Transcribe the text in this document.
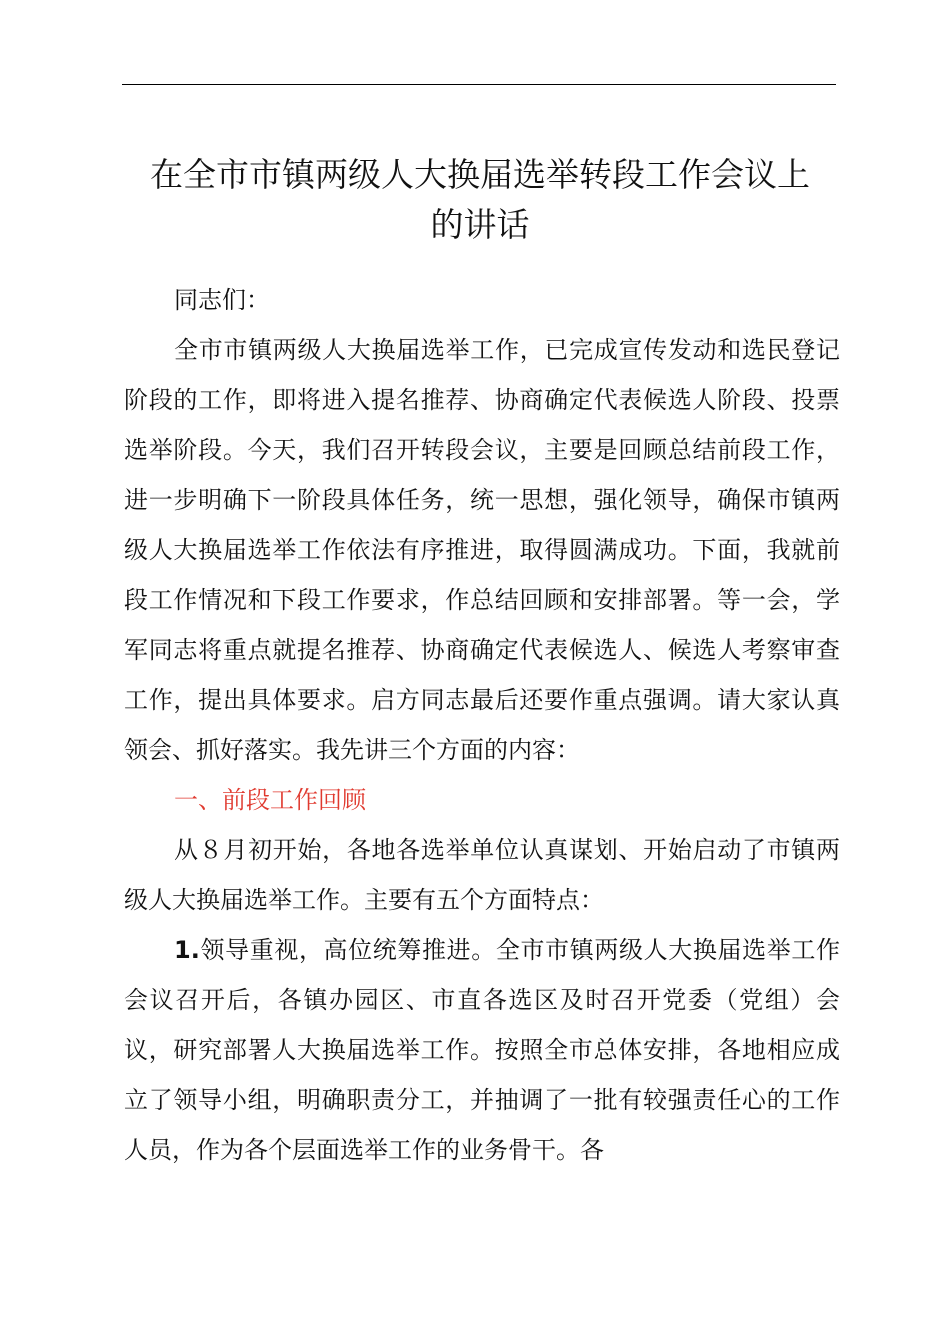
在全市市镇两级人大换届选举转段工作会议上
的讲话

同志们：

全市市镇两级人大换届选举工作，已完成宣传发动和选民登记阶段的工作，即将进入提名推荐、协商确定代表候选人阶段、投票选举阶段。今天，我们召开转段会议，主要是回顾总结前段工作，进一步明确下一阶段具体任务，统一思想，强化领导，确保市镇两级人大换届选举工作依法有序推进，取得圆满成功。下面，我就前段工作情况和下段工作要求，作总结回顾和安排部署。等一会，学军同志将重点就提名推荐、协商确定代表候选人、候选人考察审查工作，提出具体要求。启方同志最后还要作重点强调。请大家认真领会、抓好落实。我先讲三个方面的内容：

一、前段工作回顾

从８月初开始，各地各选举单位认真谋划、开始启动了市镇两级人大换届选举工作。主要有五个方面特点：

1.领导重视，高位统筹推进。全市市镇两级人大换届选举工作会议召开后，各镇办园区、市直各选区及时召开党委（党组）会议，研究部署人大换届选举工作。按照全市总体安排，各地相应成立了领导小组，明确职责分工，并抽调了一批有较强责任心的工作人员，作为各个层面选举工作的业务骨干。各
